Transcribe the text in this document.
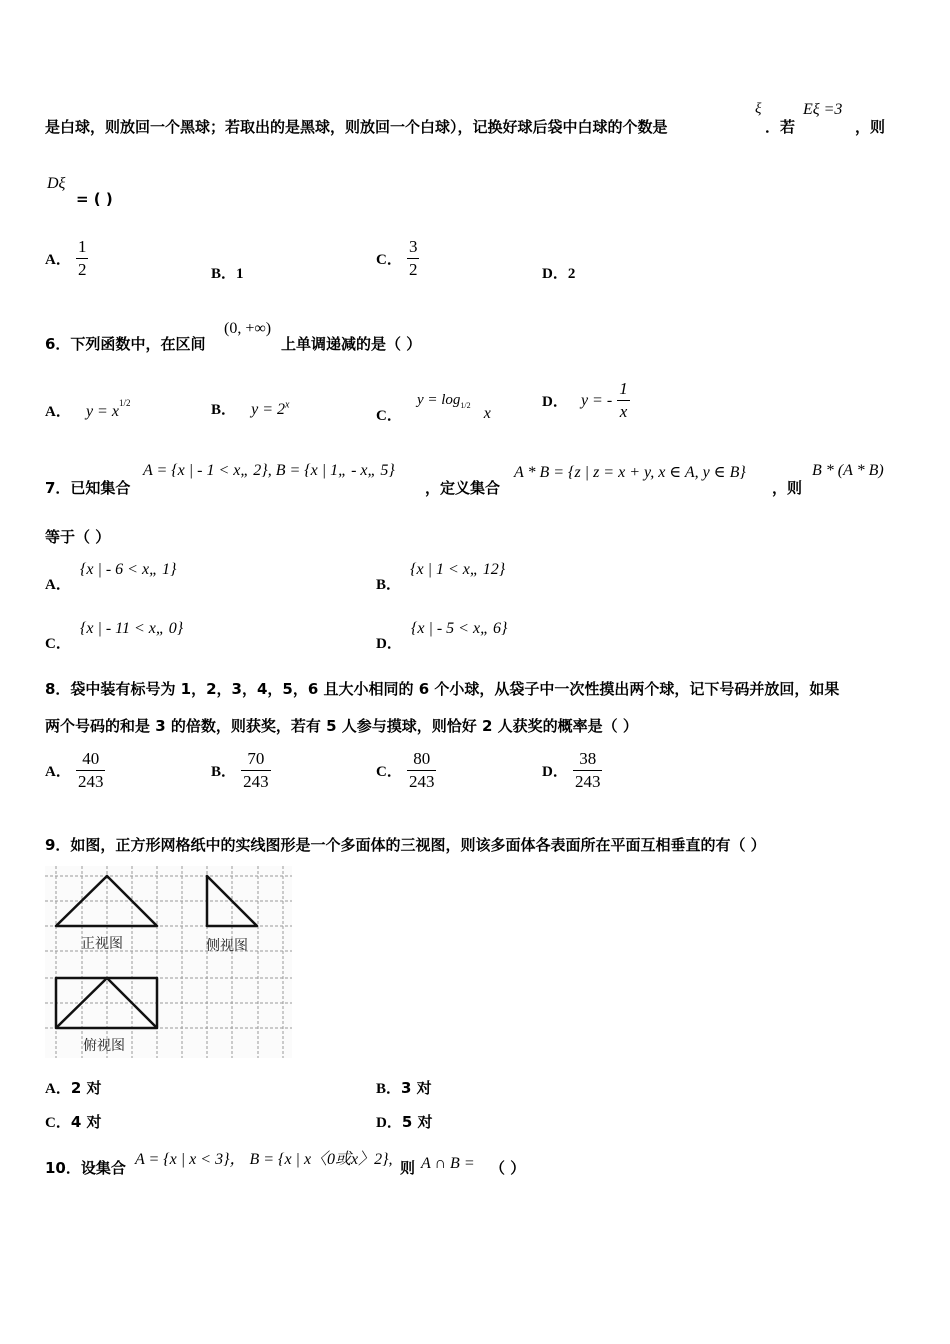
是白球，则放回一个黑球；若取出的是黑球，则放回一个白球），记换好球后袋中白球的个数是
ξ
．若
Eξ =3
，则
Dξ
= ( )
A． $\frac{1}{2}$	B．1
C． $\frac{3}{2}$	D．2
6．下列函数中，在区间
(0, +∞)
上单调递减的是（ ）
A． $y = x^{1/2}$	B． $y = 2^x$
C． $y = \log_{1/2} x$
D． y = - $\frac{1}{x}$
7．已知集合
A = {x | - 1 < x„ 2}, B = {x | 1„ - x„ 5}
，定义集合
A * B = {z | z = x + y, x ∈ A, y ∈ B}
，则
B * (A * B)
等于（ ）
A． {x | - 6 < x„ 1}
B． {x | 1 < x„ 12}
C． {x | - 11 < x„ 0}
D． {x | - 5 < x„ 6}
8．袋中装有标号为 1，2，3，4，5，6 且大小相同的 6 个小球，从袋子中一次性摸出两个球，记下号码并放回，如果
两个号码的和是 3 的倍数，则获奖，若有 5 人参与摸球，则恰好 2 人获奖的概率是（ ）
A． $\frac{40}{243}$	B． $\frac{70}{243}$	C． $\frac{80}{243}$	D． $\frac{38}{243}$
9．如图，正方形网格纸中的实线图形是一个多面体的三视图，则该多面体各表面所在平面互相垂直的有（ ）
正视图	侧视图
俯视图
A．2 对	B．3 对
C．4 对	D．5 对
10．设集合 A = {x | x < 3}， B = {x | x〈0或x〉2}, 则 A ∩ B = （ ）
